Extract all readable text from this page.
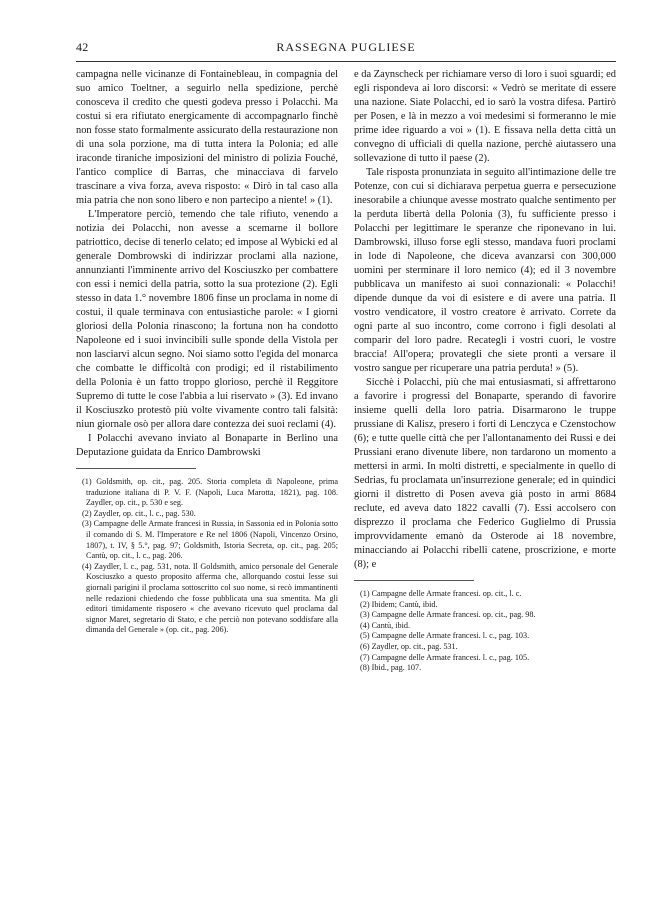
42	RASSEGNA PUGLIESE

campagna nelle vicinanze di Fontainebleau, in compagnia del suo amico Toeltner, a seguirlo nella spedizione, perchè conosceva il credito che questi godeva presso i Polacchi. Ma costui si era rifiutato energicamente di accompagnarlo finchè non fosse stato formalmente assicurato della restaurazione non di una sola porzione, ma di tutta intera la Polonia; ed alle iraconde tiraniche imposizioni del ministro di polizia Fouché, l'antico complice di Barras, che minacciava di farvelo trascinare a viva forza, aveva risposto: « Dirò in tal caso alla mia patria che non sono libero e non partecipo a niente! » (1).

L'Imperatore perciò, temendo che tale rifiuto, venendo a notizia dei Polacchi, non avesse a scemarne il bollore patriottico, decise di tenerlo celato; ed impose al Wybicki ed al generale Dombrowski di indirizzar proclami alla nazione, annunzianti l'imminente arrivo del Kosciuszko per combattere con essi i nemici della patria, sotto la sua protezione (2). Egli stesso in data 1.° novembre 1806 finse un proclama in nome di costui, il quale terminava con entusiastiche parole: « I giorni gloriosi della Polonia rinascono; la fortuna non ha condotto Napoleone ed i suoi invincibili sulle sponde della Vistola per non lasciarvi alcun segno. Noi siamo sotto l'egida del monarca che combatte le difficoltà con prodigi; ed il ristabilimento della Polonia è un fatto troppo glorioso, perchè il Reggitore Supremo di tutte le cose l'abbia a lui riservato » (3). Ed invano il Kosciuszko protestò più volte vivamente contro tali falsità: niun giornale osò per allora dare contezza dei suoi reclami (4).

I Polacchi avevano inviato al Bonaparte in Berlino una Deputazione guidata da Enrico Dambrowski

(1) Goldsmith, op. cit., pag. 205. Storia completa di Napoleone, prima traduzione italiana di P. V. F. (Napoli, Luca Marotta, 1821), pag. 108. Zaydler, op. cit., p. 530 e seg.

(2) Zaydler, op. cit., l. c., pag. 530.

(3) Campagne delle Armate francesi in Russia, in Sassonia ed in Polonia sotto il comando di S. M. l'Imperatore e Re nel 1806 (Napoli, Vincenzo Orsino, 1807), t. IV, § 5.°, pag. 97; Goldsmith, Istoria Secreta, op. cit., pag. 205; Cantù, op. cit., l. c., pag. 206.

(4) Zaydler, l. c., pag. 531, nota. Il Goldsmith, amico personale del Generale Kosciuszko a questo proposito afferma che, allorquando costui lesse sui giornali parigini il proclama sottoscritto col suo nome, si recò immantinenti nelle redazioni chiedendo che fosse pubblicata una sua smentita. Ma gli editori timidamente risposero « che avevano ricevuto quel proclama dal signor Maret, segretario di Stato, e che perciò non potevano soddisfare alla dimanda del Generale » (op. cit., pag. 206).

e da Zaynscheck per richiamare verso di loro i suoi sguardi; ed egli rispondeva ai loro discorsi: « Vedrò se meritate di essere una nazione. Siate Polacchi, ed io sarò la vostra difesa. Partirò per Posen, e là in mezzo a voi medesimi si formeranno le mie prime idee riguardo a voi » (1). E fissava nella detta città un convegno di ufficiali di quella nazione, perchè aiutassero una sollevazione di tutto il paese (2).

Tale risposta pronunziata in seguito all'intimazione delle tre Potenze, con cui si dichiarava perpetua guerra e persecuzione inesorabile a chiunque avesse mostrato qualche sentimento per la perduta libertà della Polonia (3), fu sufficiente presso i Polacchi per legittimare le speranze che riponevano in lui. Dambrowski, illuso forse egli stesso, mandava fuori proclami in lode di Napoleone, che diceva avanzarsi con 300,000 uomini per sterminare il loro nemico (4); ed il 3 novembre pubblicava un manifesto ai suoi connazionali: « Polacchi! dipende dunque da voi di esistere e di avere una patria. Il vostro vendicatore, il vostro creatore è arrivato. Correte da ogni parte al suo incontro, come corrono i figli desolati al comparir del loro padre. Recategli i vostri cuori, le vostre braccia! All'opera; provategli che siete pronti a versare il vostro sangue per ricuperare una patria perduta! » (5).

Sicchè i Polacchi, più che mai entusiasmati, si affrettarono a favorire i progressi del Bonaparte, sperando di favorire insieme quelli della loro patria. Disarmarono le truppe prussiane di Kalisz, presero i forti di Lenczyca e Czenstochow (6); e tutte quelle città che per l'allontanamento dei Russi e dei Prussiani erano divenute libere, non tardarono un momento a mettersi in armi. In molti distretti, e specialmente in quello di Sedrias, fu proclamata un'insurrezione generale; ed in quindici giorni il distretto di Posen aveva già posto in armi 8684 reclute, ed aveva dato 1822 cavalli (7). Essi accolsero con disprezzo il proclama che Federico Guglielmo di Prussia improvvidamente emanò da Osterode ai 18 novembre, minacciando ai Polacchi ribelli catene, proscrizione, e morte (8); e

(1) Campagne delle Armate francesi. op. cit., l. c.

(2) Ibidem; Cantù, ibid.

(3) Campagne delle Armate francesi. op. cit., pag. 98.

(4) Cantù, ibid.

(5) Campagne delle Armate francesi. l. c., pag. 103.

(6) Zaydler, op. cit., pag. 531.

(7) Campagne delle Armate francesi. l. c., pag. 105.

(8) Ibid., pag. 107.
